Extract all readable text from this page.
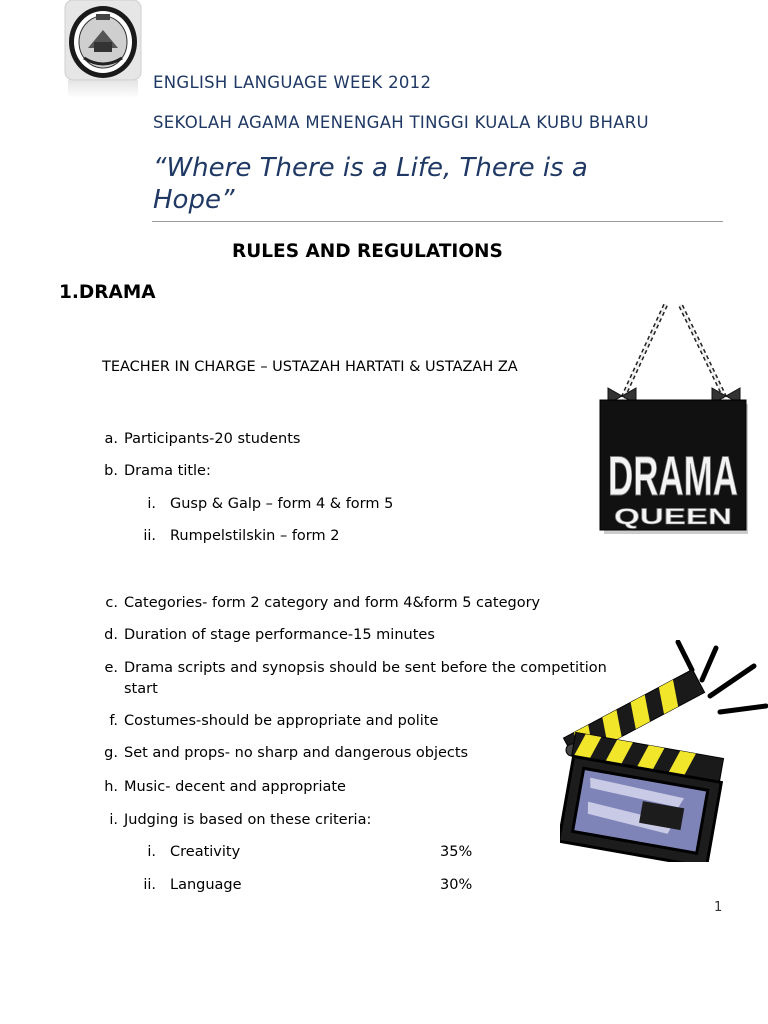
ENGLISH LANGUAGE WEEK 2012
SEKOLAH AGAMA MENENGAH TINGGI KUALA KUBU BHARU
“Where There is a Life, There is a
Hope”
RULES AND REGULATIONS
1.DRAMA
TEACHER IN CHARGE – USTAZAH HARTATI & USTAZAH ZA
a. Participants-20 students
b. Drama title:
i. Gusp & Galp – form 4 & form 5
ii. Rumpelstilskin – form 2
c. Categories- form 2 category and form 4&form 5 category
d. Duration of stage performance-15 minutes
e. Drama scripts and synopsis should be sent before the competition
start
f. Costumes-should be appropriate and polite
g. Set and props- no sharp and dangerous objects
h. Music- decent and appropriate
i. Judging is based on these criteria:
i. Creativity	35%
ii. Language	30%
1
DRAMA
QUEEN
